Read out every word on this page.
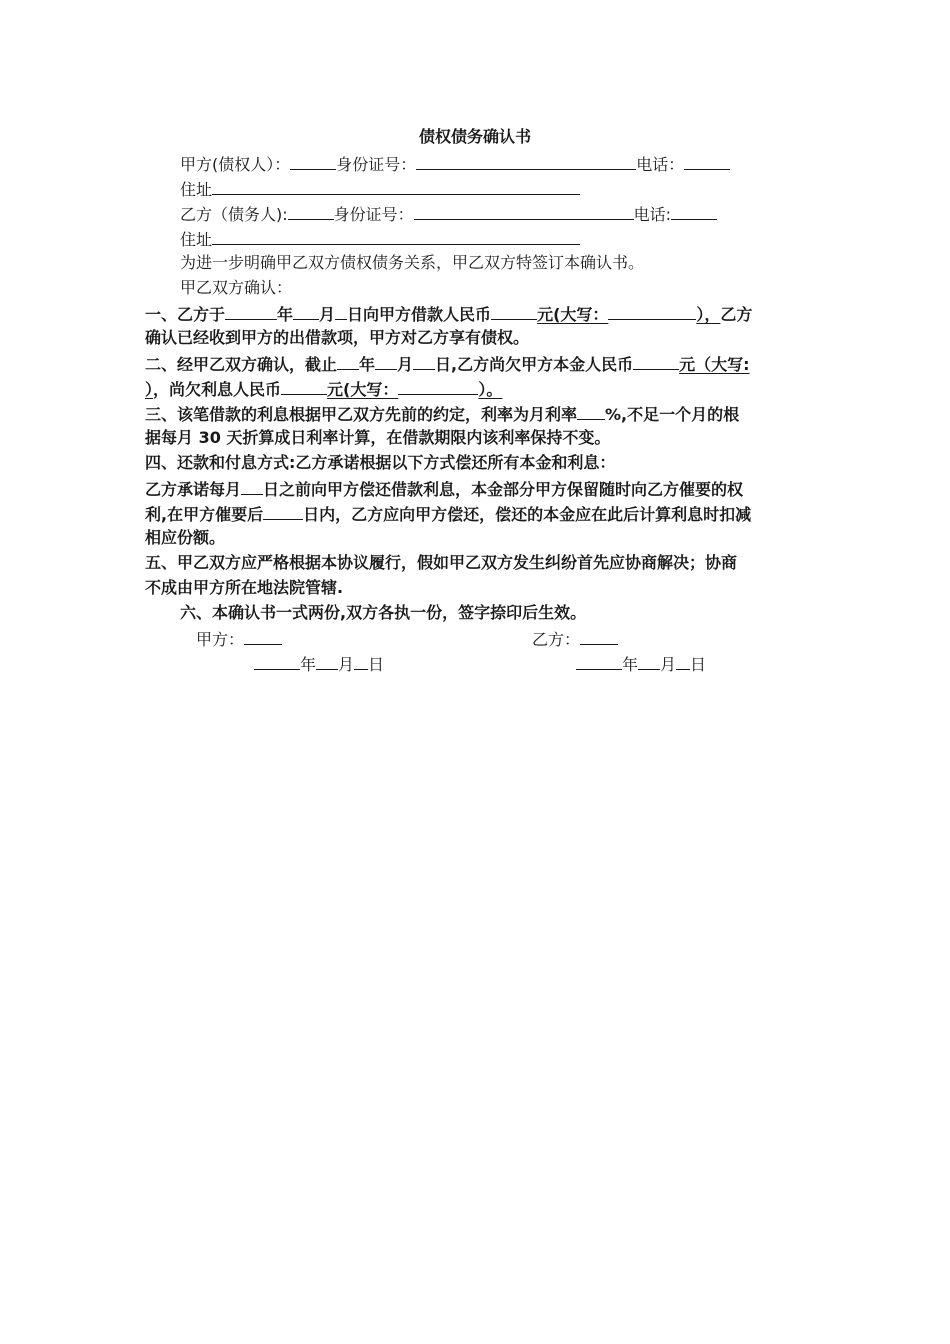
债权债务确认书
甲方(债权人）：	身份证号：	电话：
住址
乙方（债务人):	身份证号：	电话:
住址
为进一步明确甲乙双方债权债务关系，甲乙双方特签订本确认书。
甲乙双方确认：
一、乙方于	年 月 日向甲方借款人民币	元(大写：	），乙方
确认已经收到甲方的出借款项，甲方对乙方享有债权。
二、经甲乙双方确认，截止 年 月 日,乙方尚欠甲方本金人民币	元（大写:
），尚欠利息人民币	元(大写：	）。
三、该笔借款的利息根据甲乙双方先前的约定，利率为月利率 %,不足一个月的根
据每月 30 天折算成日利率计算，在借款期限内该利率保持不变。
四、还款和付息方式:乙方承诺根据以下方式偿还所有本金和利息：
乙方承诺每月 日之前向甲方偿还借款利息，本金部分甲方保留随时向乙方催要的权
利,在甲方催要后	日内，乙方应向甲方偿还，偿还的本金应在此后计算利息时扣减
相应份额。
五、甲乙双方应严格根据本协议履行，假如甲乙双方发生纠纷首先应协商解决；协商
不成由甲方所在地法院管辖.
六、本确认书一式两份,双方各执一份，签字捺印后生效。
甲方：	乙方：
年 月 日	年 月 日
